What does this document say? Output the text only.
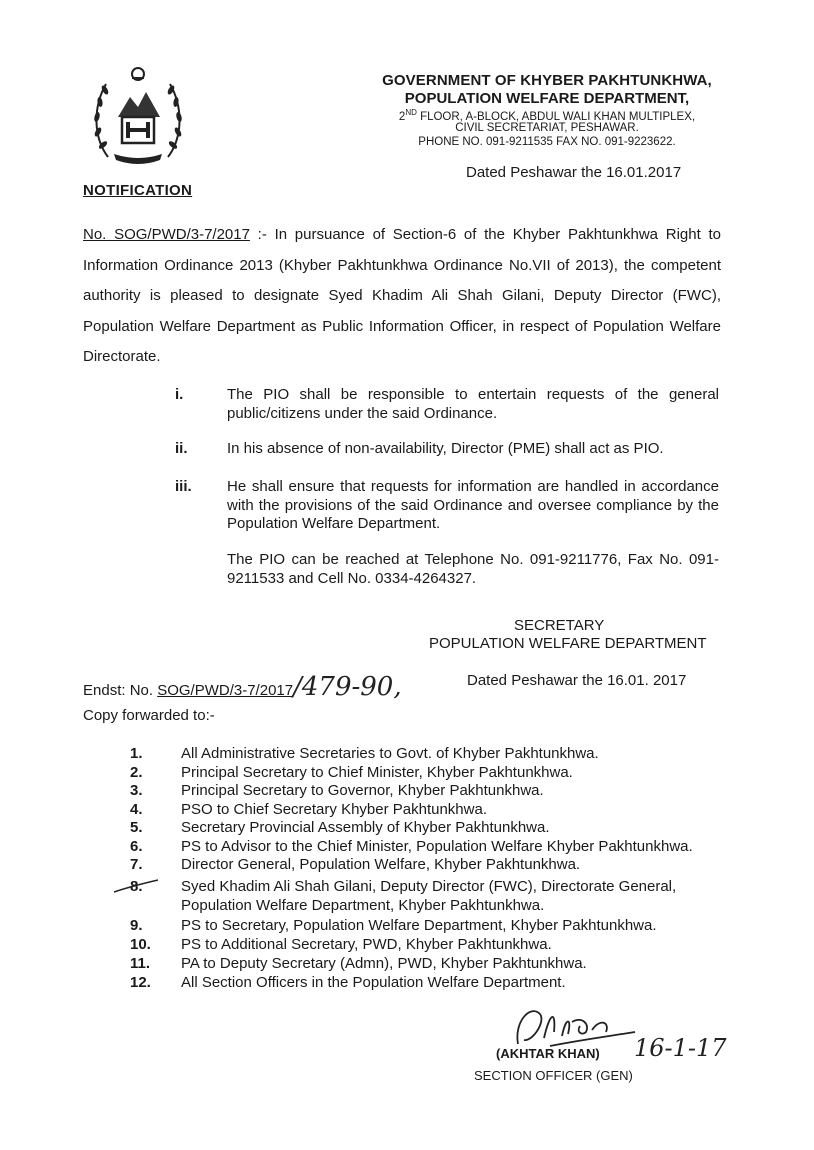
GOVERNMENT OF KHYBER PAKHTUNKHWA,
POPULATION WELFARE DEPARTMENT,
2ND FLOOR, A-BLOCK, ABDUL WALI KHAN MULTIPLEX,
CIVIL SECRETARIAT, PESHAWAR.
PHONE NO. 091-9211535 FAX NO. 091-9223622.
Dated Peshawar the 16.01.2017
NOTIFICATION
No. SOG/PWD/3-7/2017 :- In pursuance of Section-6 of the Khyber Pakhtunkhwa Right to Information Ordinance 2013 (Khyber Pakhtunkhwa Ordinance No.VII of 2013), the competent authority is pleased to designate Syed Khadim Ali Shah Gilani, Deputy Director (FWC), Population Welfare Department as Public Information Officer, in respect of Population Welfare Directorate.
i.	The PIO shall be responsible to entertain requests of the general public/citizens under the said Ordinance.
ii.	In his absence of non-availability, Director (PME) shall act as PIO.
iii. He shall ensure that requests for information are handled in accordance with the provisions of the said Ordinance and oversee compliance by the Population Welfare Department.
The PIO can be reached at Telephone No. 091-9211776, Fax No. 091-9211533 and Cell No. 0334-4264327.
SECRETARY
POPULATION WELFARE DEPARTMENT
Endst: No. SOG/PWD/3-7/2017/479-90,	Dated Peshawar the 16.01. 2017
Copy forwarded to:-
1.	All Administrative Secretaries to Govt. of Khyber Pakhtunkhwa.
2.	Principal Secretary to Chief Minister, Khyber Pakhtunkhwa.
3.	Principal Secretary to Governor, Khyber Pakhtunkhwa.
4.	PSO to Chief Secretary Khyber Pakhtunkhwa.
5.	Secretary Provincial Assembly of Khyber Pakhtunkhwa.
6.	PS to Advisor to the Chief Minister, Population Welfare Khyber Pakhtunkhwa.
7.	Director General, Population Welfare, Khyber Pakhtunkhwa.
8.	Syed Khadim Ali Shah Gilani, Deputy Director (FWC), Directorate General,
Population Welfare Department, Khyber Pakhtunkhwa.
9.	PS to Secretary, Population Welfare Department, Khyber Pakhtunkhwa.
10.	PS to Additional Secretary, PWD, Khyber Pakhtunkhwa.
11.	PA to Deputy Secretary (Admn), PWD, Khyber Pakhtunkhwa.
12.	All Section Officers in the Population Welfare Department.
(AKHTAR KHAN) 16-1-17
SECTION OFFICER (GEN)
